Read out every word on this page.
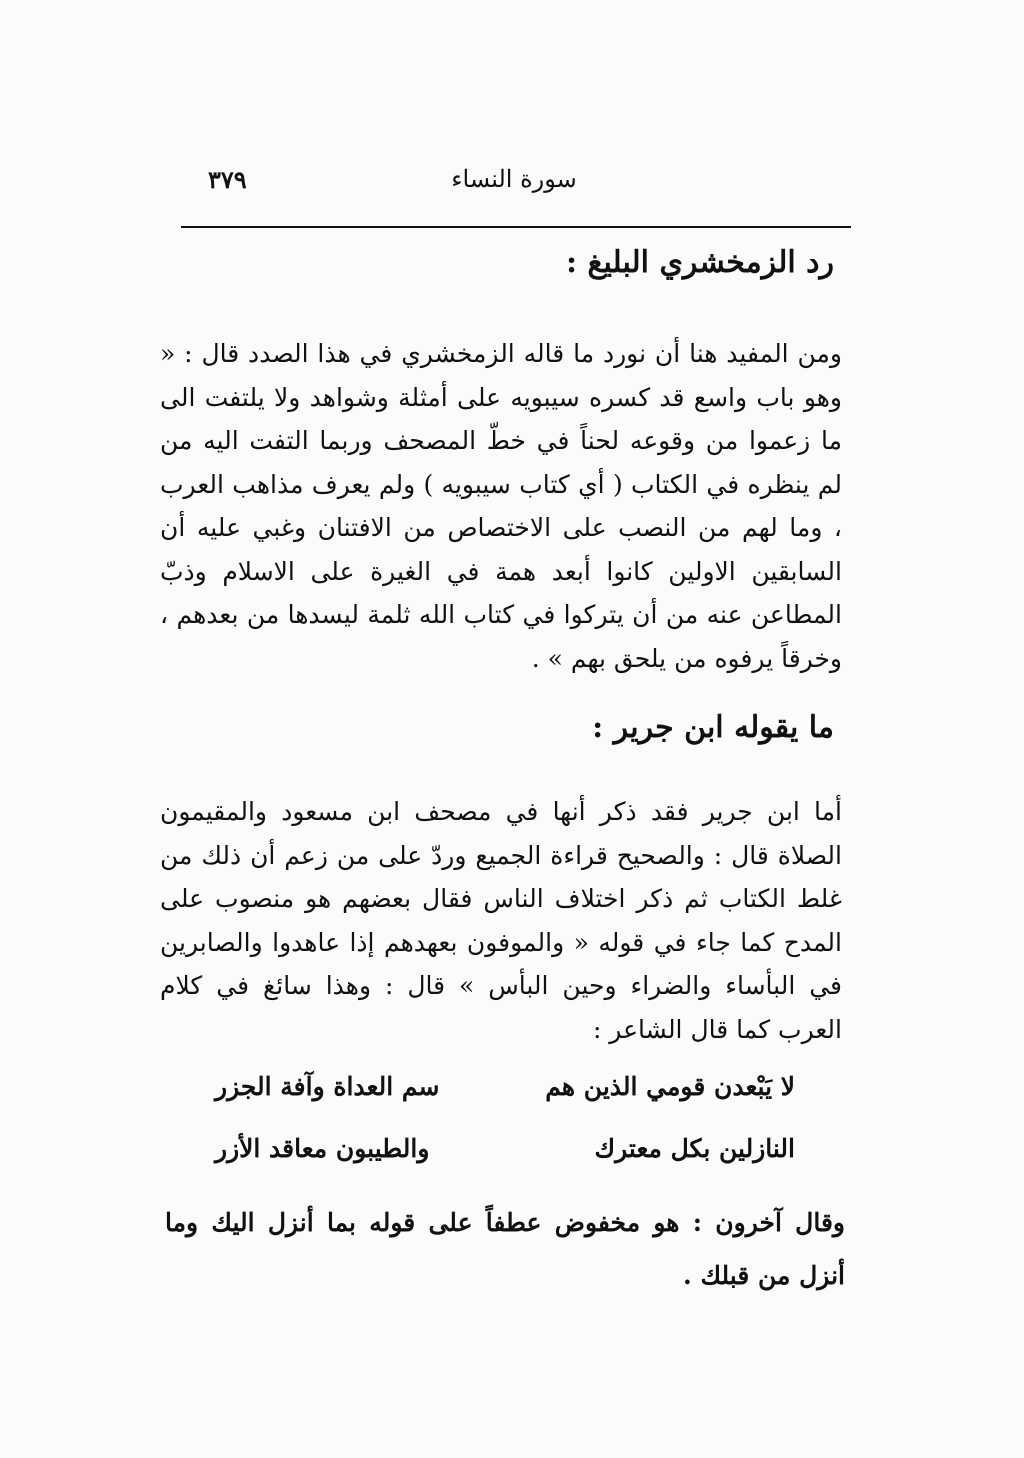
٣٧٩	سورة النساء
رد الزمخشري البليغ :
ومن المفيد هنا أن نورد ما قاله الزمخشري في هذا الصدد قال : « وهو باب واسع قد كسره سيبويه على أمثلة وشواهد ولا يلتفت الى ما زعموا من وقوعه لحناً في خطّ المصحف وربما التفت اليه من لم ينظره في الكتاب ( أي كتاب سيبويه ) ولم يعرف مذاهب العرب ، وما لهم من النصب على الاختصاص من الافتنان وغبي عليه أن السابقين الاولين كانوا أبعد همة في الغيرة على الاسلام وذبّ المطاعن عنه من أن يتركوا في كتاب الله ثلمة ليسدها من بعدهم ، وخرقاً يرفوه من يلحق بهم » .
ما يقوله ابن جرير :
أما ابن جرير فقد ذكر أنها في مصحف ابن مسعود والمقيمون الصلاة قال : والصحيح قراءة الجميع وردّ على من زعم أن ذلك من غلط الكتاب ثم ذكر اختلاف الناس فقال بعضهم هو منصوب على المدح كما جاء في قوله « والموفون بعهدهم إذا عاهدوا والصابرين في البأساء والضراء وحين البأس » قال : وهذا سائغ في كلام العرب كما قال الشاعر :
لا يَبْعدن قومي الذين هم
سم العداة وآفة الجزر
النازلين بكل معترك
والطيبون معاقد الأزر
وقال آخرون : هو مخفوض عطفاً على قوله بما أنزل اليك وما أنزل من قبلك .
